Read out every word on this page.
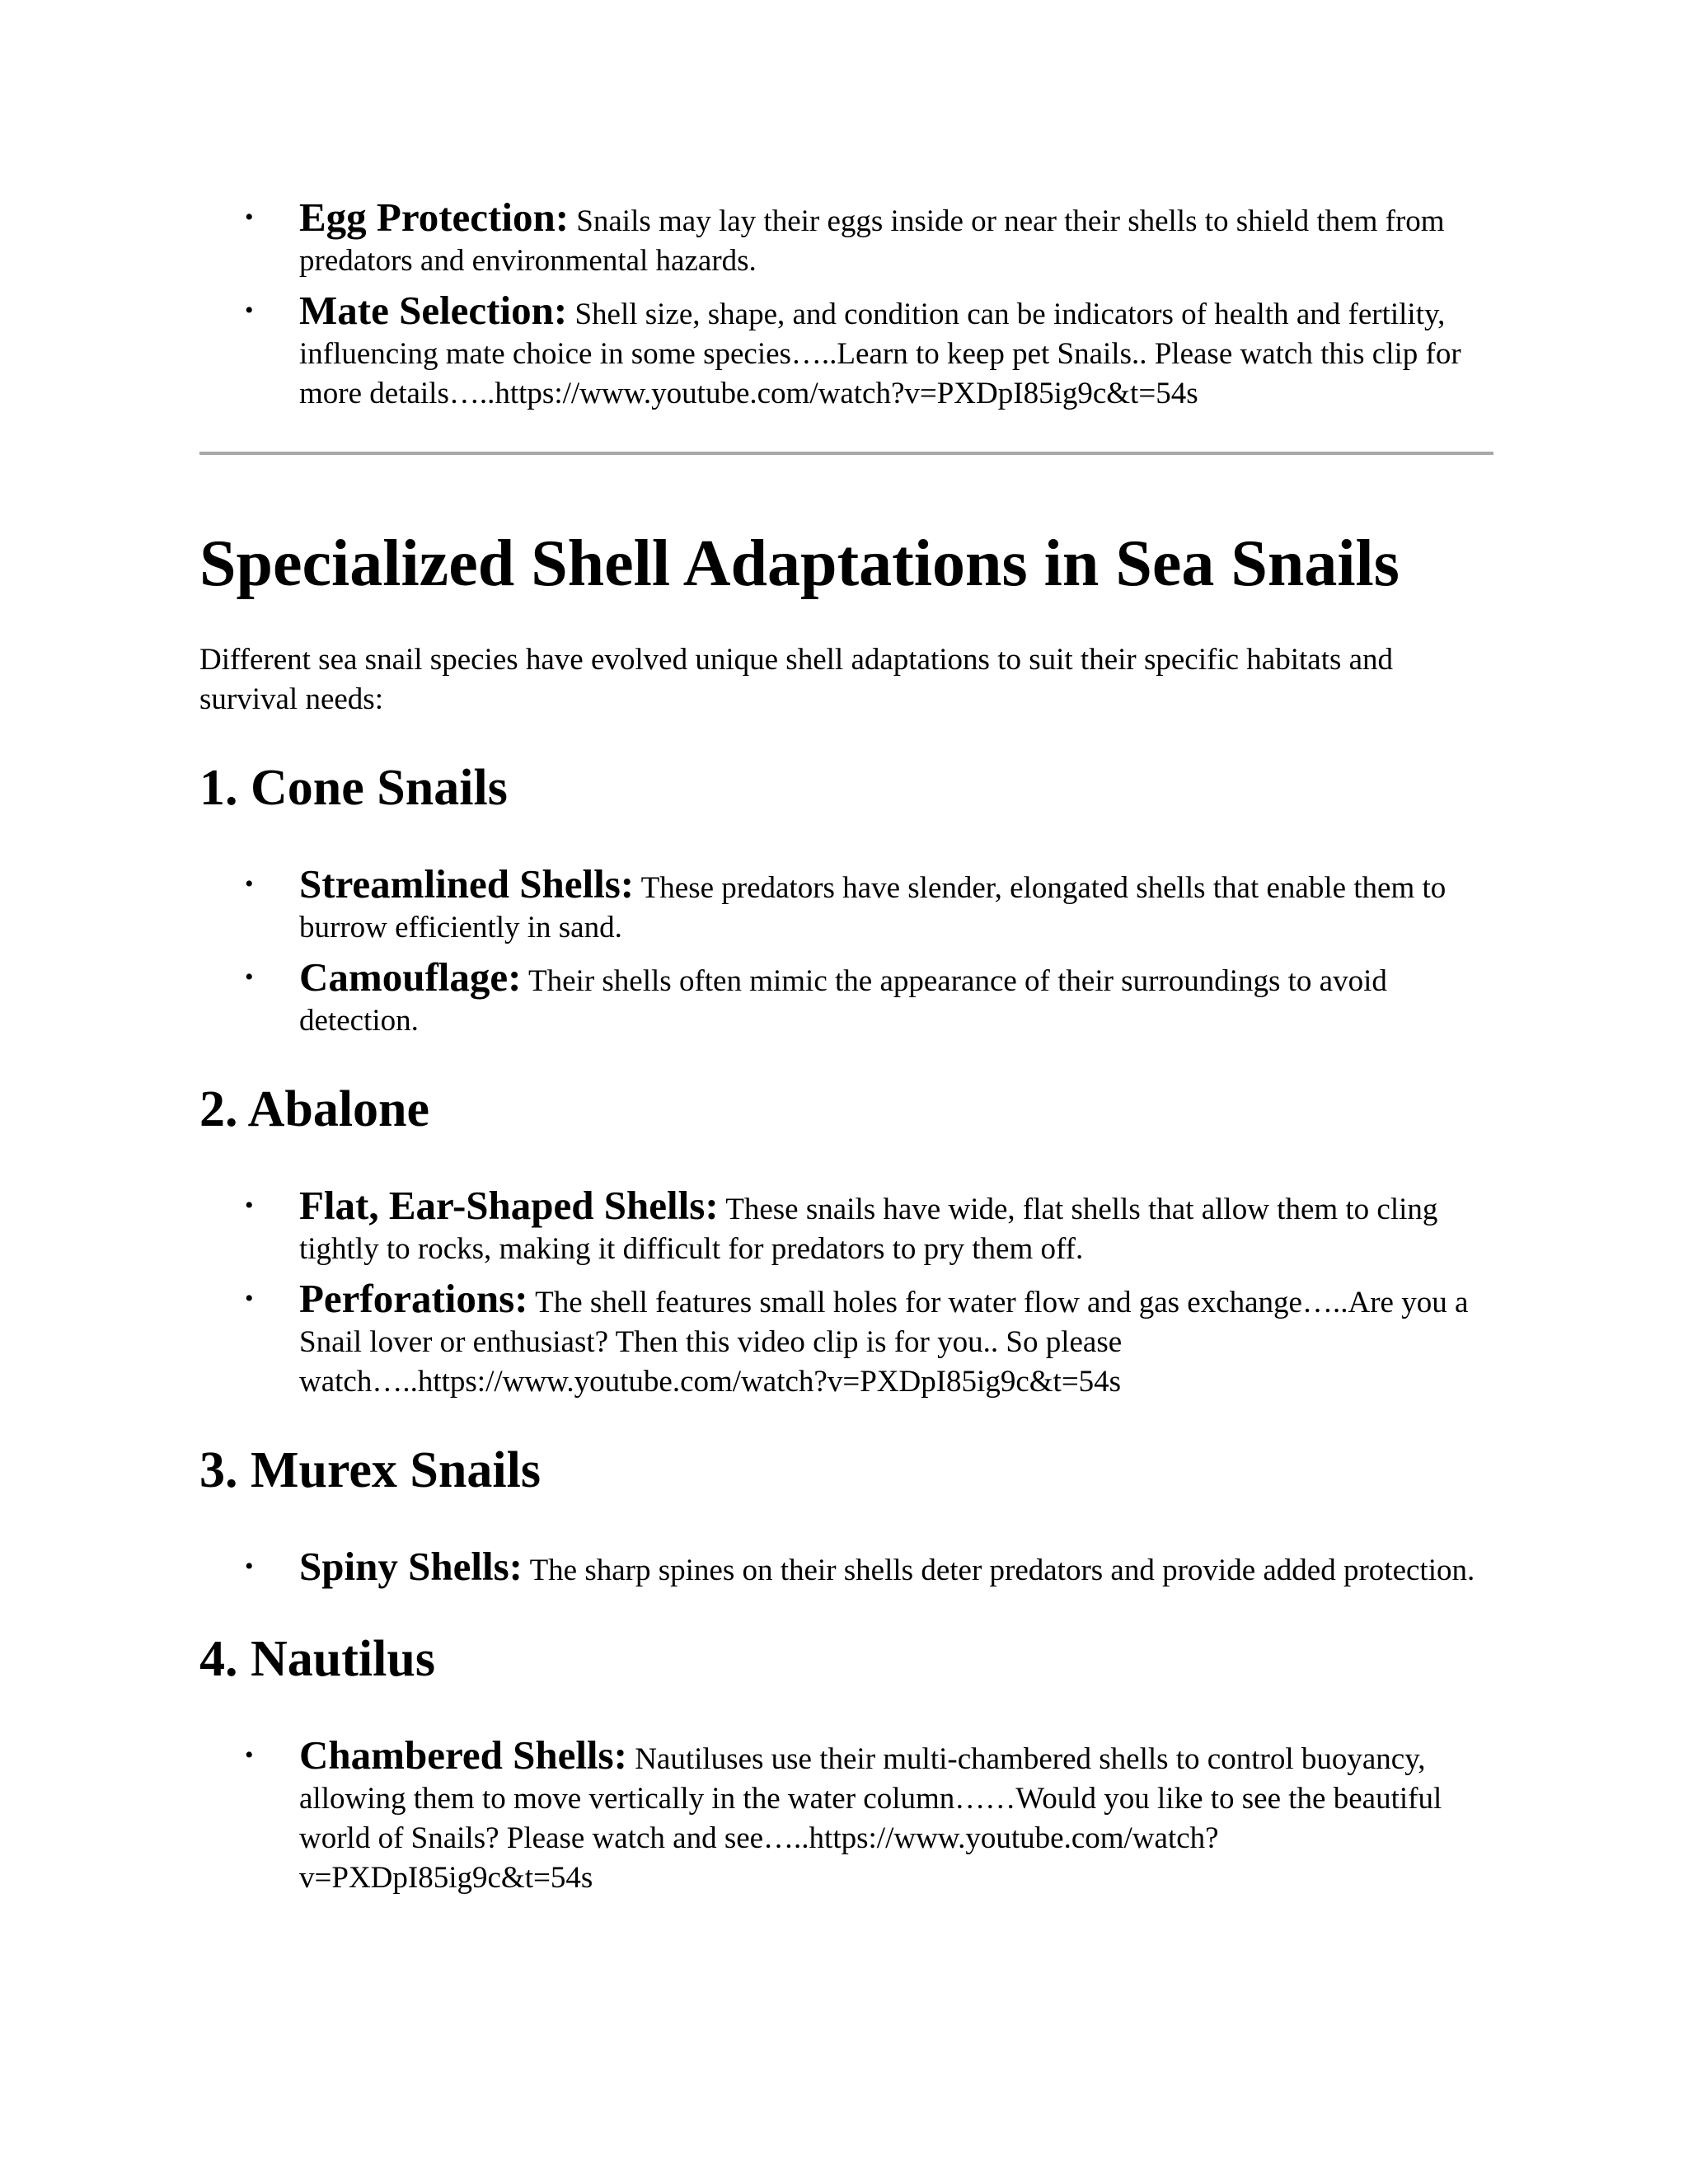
• Egg Protection: Snails may lay their eggs inside or near their shells to shield them from predators and environmental hazards.
• Mate Selection: Shell size, shape, and condition can be indicators of health and fertility, influencing mate choice in some species…..Learn to keep pet Snails.. Please watch this clip for more details…..https://www.youtube.com/watch?v=PXDpI85ig9c&t=54s
Specialized Shell Adaptations in Sea Snails

Different sea snail species have evolved unique shell adaptations to suit their specific habitats and survival needs:

1. Cone Snails
• Streamlined Shells: These predators have slender, elongated shells that enable them to burrow efficiently in sand.
• Camouflage: Their shells often mimic the appearance of their surroundings to avoid detection.
2. Abalone
• Flat, Ear-Shaped Shells: These snails have wide, flat shells that allow them to cling tightly to rocks, making it difficult for predators to pry them off.
• Perforations: The shell features small holes for water flow and gas exchange…..Are you a Snail lover or enthusiast? Then this video clip is for you.. So please watch…..https://www.youtube.com/watch?v=PXDpI85ig9c&t=54s
3. Murex Snails
• Spiny Shells: The sharp spines on their shells deter predators and provide added protection.
4. Nautilus
• Chambered Shells: Nautiluses use their multi-chambered shells to control buoyancy, allowing them to move vertically in the water column……Would you like to see the beautiful world of Snails? Please watch and see…..https://www.youtube.com/watch?v=PXDpI85ig9c&t=54s
